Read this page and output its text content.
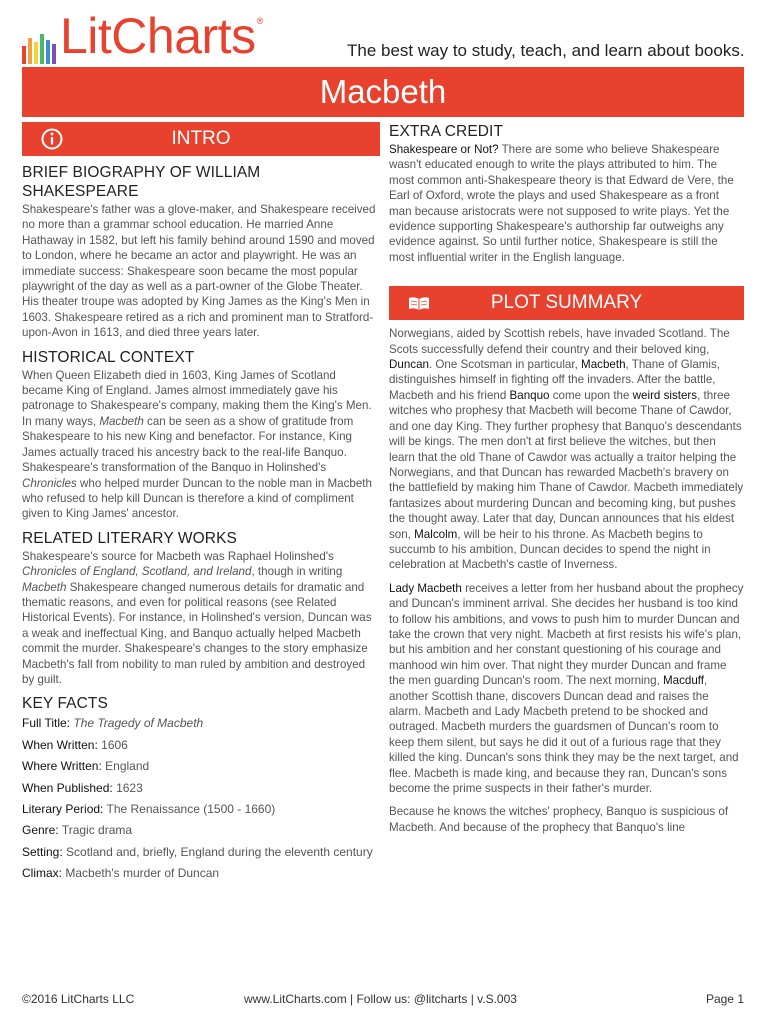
LitCharts ®
The best way to study, teach, and learn about books.
Macbeth
INTRO
BRIEF BIOGRAPHY OF WILLIAM SHAKESPEARE

Shakespeare's father was a glove-maker, and Shakespeare received no more than a grammar school education. He married Anne Hathaway in 1582, but left his family behind around 1590 and moved to London, where he became an actor and playwright. He was an immediate success: Shakespeare soon became the most popular playwright of the day as well as a part-owner of the Globe Theater. His theater troupe was adopted by King James as the King's Men in 1603. Shakespeare retired as a rich and prominent man to Stratford-upon-Avon in 1613, and died three years later.

HISTORICAL CONTEXT

When Queen Elizabeth died in 1603, King James of Scotland became King of England. James almost immediately gave his patronage to Shakespeare's company, making them the King's Men. In many ways, Macbeth can be seen as a show of gratitude from Shakespeare to his new King and benefactor. For instance, King James actually traced his ancestry back to the real-life Banquo. Shakespeare's transformation of the Banquo in Holinshed's Chronicles who helped murder Duncan to the noble man in Macbeth who refused to help kill Duncan is therefore a kind of compliment given to King James' ancestor.

RELATED LITERARY WORKS

Shakespeare's source for Macbeth was Raphael Holinshed's Chronicles of England, Scotland, and Ireland, though in writing Macbeth Shakespeare changed numerous details for dramatic and thematic reasons, and even for political reasons (see Related Historical Events). For instance, in Holinshed's version, Duncan was a weak and ineffectual King, and Banquo actually helped Macbeth commit the murder. Shakespeare's changes to the story emphasize Macbeth's fall from nobility to man ruled by ambition and destroyed by guilt.

KEY FACTS
Full Title: The Tragedy of Macbeth
When Written: 1606
Where Written: England
When Published: 1623
Literary Period: The Renaissance (1500 - 1660)
Genre: Tragic drama
Setting: Scotland and, briefly, England during the eleventh century
Climax: Macbeth's murder of Duncan
EXTRA CREDIT

Shakespeare or Not? There are some who believe Shakespeare wasn't educated enough to write the plays attributed to him. The most common anti-Shakespeare theory is that Edward de Vere, the Earl of Oxford, wrote the plays and used Shakespeare as a front man because aristocrats were not supposed to write plays. Yet the evidence supporting Shakespeare's authorship far outweighs any evidence against. So until further notice, Shakespeare is still the most influential writer in the English language.

PLOT SUMMARY

Norwegians, aided by Scottish rebels, have invaded Scotland. The Scots successfully defend their country and their beloved king, Duncan. One Scotsman in particular, Macbeth, Thane of Glamis, distinguishes himself in fighting off the invaders. After the battle, Macbeth and his friend Banquo come upon the weird sisters, three witches who prophesy that Macbeth will become Thane of Cawdor, and one day King. They further prophesy that Banquo's descendants will be kings. The men don't at first believe the witches, but then learn that the old Thane of Cawdor was actually a traitor helping the Norwegians, and that Duncan has rewarded Macbeth's bravery on the battlefield by making him Thane of Cawdor. Macbeth immediately fantasizes about murdering Duncan and becoming king, but pushes the thought away. Later that day, Duncan announces that his eldest son, Malcolm, will be heir to his throne. As Macbeth begins to succumb to his ambition, Duncan decides to spend the night in celebration at Macbeth's castle of Inverness.

Lady Macbeth receives a letter from her husband about the prophecy and Duncan's imminent arrival. She decides her husband is too kind to follow his ambitions, and vows to push him to murder Duncan and take the crown that very night. Macbeth at first resists his wife's plan, but his ambition and her constant questioning of his courage and manhood win him over. That night they murder Duncan and frame the men guarding Duncan's room. The next morning, Macduff, another Scottish thane, discovers Duncan dead and raises the alarm. Macbeth and Lady Macbeth pretend to be shocked and outraged. Macbeth murders the guardsmen of Duncan's room to keep them silent, but says he did it out of a furious rage that they killed the king. Duncan's sons think they may be the next target, and flee. Macbeth is made king, and because they ran, Duncan's sons become the prime suspects in their father's murder.

Because he knows the witches' prophecy, Banquo is suspicious of Macbeth. And because of the prophecy that Banquo's line

©2016 LitCharts LLC	www.LitCharts.com | Follow us: @litcharts | v.S.003	Page 1
